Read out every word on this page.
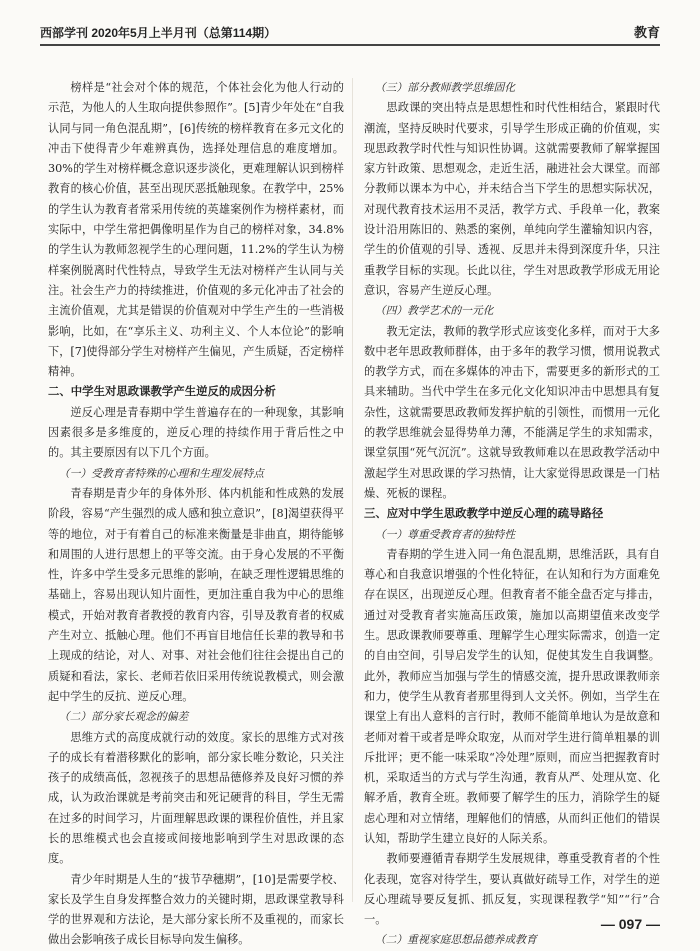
西部学刊 2020年5月上半月刊（总第114期）	教育

榜样是“社会对个体的规范，个体社会化为他人行动的示范，为他人的人生取向提供参照作”。[5]青少年处在“自我认同与同一角色混乱期”，[6]传统的榜样教育在多元文化的冲击下使得青少年难辨真伪，选择处理信息的难度增加。30%的学生对榜样概念意识逐步淡化，更难理解认识到榜样教育的核心价值，甚至出现厌恶抵触现象。在教学中，25%的学生认为教育者常采用传统的英雄案例作为榜样素材，而实际中，中学生常把偶像明星作为自己的榜样对象，34.8%的学生认为教师忽视学生的心理问题，11.2%的学生认为榜样案例脱离时代性特点，导致学生无法对榜样产生认同与关注。社会生产力的持续推进，价值观的多元化冲击了社会的主流价值观，尤其是错误的价值观对中学生产生的一些消极影响，比如，在“享乐主义、功利主义、个人本位论”的影响下，[7]使得部分学生对榜样产生偏见，产生质疑，否定榜样精神。

二、中学生对思政课教学产生逆反的成因分析

逆反心理是青春期中学生普遍存在的一种现象，其影响因素很多是多维度的，逆反心理的持续作用于背后性之中的。其主要原因有以下几个方面。

（一）受教育者特殊的心理和生理发展特点

青春期是青少年的身体外形、体内机能和性成熟的发展阶段，容易“产生强烈的成人感和独立意识”，[8]渴望获得平等的地位，对于有着自己的标准来衡量是非曲直，期待能够和周围的人进行思想上的平等交流。由于身心发展的不平衡性，许多中学生受多元思维的影响，在缺乏理性逻辑思维的基础上，容易出现认知片面性，更加注重自我为中心的思维模式，开始对教育者教授的教育内容，引导及教育者的权威产生对立、抵触心理。他们不再盲目地信任长辈的教导和书上现成的结论，对人、对事、对社会他们往往会提出自己的质疑和看法，家长、老师若依旧采用传统说教模式，则会激起中学生的反抗、逆反心理。

（二）部分家长观念的偏差

思维方式的高度成就行动的效度。家长的思维方式对孩子的成长有着潜移默化的影响，部分家长唯分数论，只关注孩子的成绩高低，忽视孩子的思想品德修养及良好习惯的养成，认为政治课就是考前突击和死记硬背的科目，学生无需在过多的时间学习，片面理解思政课的课程价值性，并且家长的思维模式也会直接或间接地影响到学生对思政课的态度。

青少年时期是人生的“拔节孕穗期”，[10]是需要学校、家长及学生自身发挥整合效力的关键时期，思政课堂教导科学的世界观和方法论，是大部分家长所不及重视的，而家长做出会影响孩子成长目标导向发生偏移。

（三）部分教师教学思维固化

思政课的突出特点是思想性和时代性相结合，紧跟时代潮流，坚持反映时代要求，引导学生形成正确的价值观，实现思政教学时代性与知识性协调。这就需要教师了解掌握国家方针政策、思想观念，走近生活，融进社会大课堂。而部分教师以课本为中心，并未结合当下学生的思想实际状况，对现代教育技术运用不灵活，教学方式、手段单一化，教案设计沿用陈旧的、熟悉的案例，单纯向学生灌输知识内容，学生的价值观的引导、透视、反思并未得到深度升华，只注重教学目标的实现。长此以往，学生对思政教学形成无用论意识，容易产生逆反心理。

（四）教学艺术的一元化

教无定法，教师的教学形式应该变化多样，而对于大多数中老年思政教师群体，由于多年的教学习惯，惯用说教式的教学方式，而在多媒体的冲击下，需要更多的新形式的工具来辅助。当代中学生在多元化文化知识冲击中思想具有复杂性，这就需要思政教师发挥护航的引领性，而惯用一元化的教学思维就会显得势单力薄，不能满足学生的求知需求，课堂氛围“死气沉沉”。这就导致教师难以在思政教学活动中激起学生对思政课的学习热情，让大家觉得思政课是一门枯燥、死板的课程。

三、应对中学生思政教学中逆反心理的疏导路径
（一）尊重受教育者的独特性

青春期的学生进入同一角色混乱期，思维活跃，具有自尊心和自我意识增强的个性化特征，在认知和行为方面难免存在误区，出现逆反心理。但教育者不能全盘否定与排击，通过对受教育者实施高压政策，施加以高期望值来改变学生。思政课教师要尊重、理解学生心理实际需求，创造一定的自由空间，引导启发学生的认知，促使其发生自我调整。此外，教师应当加强与学生的情感交流，提升思政课教师亲和力，使学生从教育者那里得到人文关怀。例如，当学生在课堂上有出人意料的言行时，教师不能简单地认为是故意和老师对着干或者是哗众取宠，从而对学生进行简单粗暴的训斥批评；更不能一味采取“冷处理”原则，而应当把握教育时机，采取适当的方式与学生沟通，教育从严、处理从宽、化解矛盾，教育全班。教师要了解学生的压力，消除学生的疑虑心理和对立情绪，理解他们的情感，从而纠正他们的错误认知，帮助学生建立良好的人际关系。

教师要遵循青春期学生发展规律，尊重受教育者的个性化表现，宽容对待学生，要认真做好疏导工作，对学生的逆反心理疏导要反复抓、抓反复，实现课程教学“知”“行”合一。

（二）重视家庭思想品德养成教育
— 097 —
